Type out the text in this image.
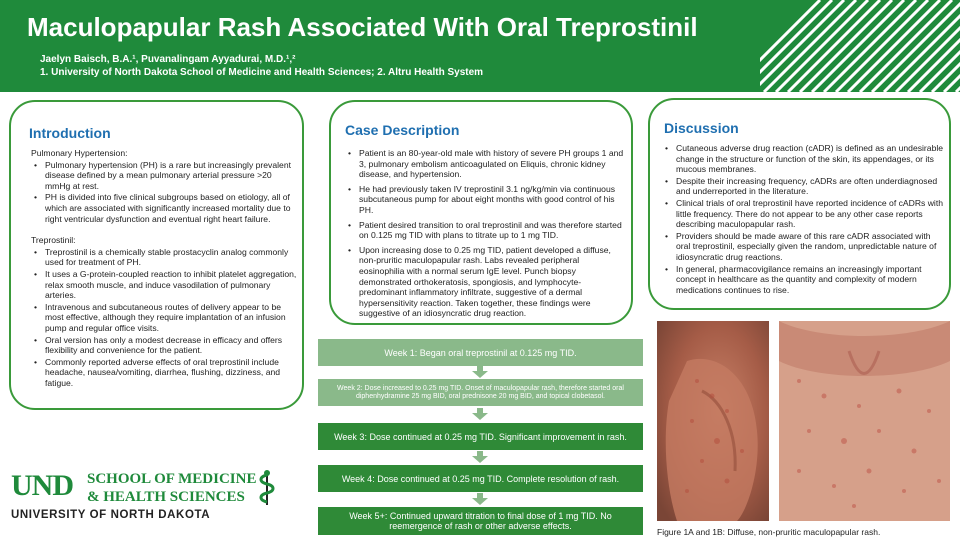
Maculopapular Rash Associated With Oral Treprostinil
Jaelyn Baisch, B.A.¹, Puvanalingam Ayyadurai, M.D.¹,²
1. University of North Dakota School of Medicine and Health Sciences; 2. Altru Health System
Introduction
Pulmonary Hypertension:
• Pulmonary hypertension (PH) is a rare but increasingly prevalent disease defined by a mean pulmonary arterial pressure >20 mmHg at rest.
• PH is divided into five clinical subgroups based on etiology, all of which are associated with significantly increased mortality due to right ventricular dysfunction and eventual right heart failure.
Treprostinil:
• Treprostinil is a chemically stable prostacyclin analog commonly used for treatment of PH.
• It uses a G-protein-coupled reaction to inhibit platelet aggregation, relax smooth muscle, and induce vasodilation of pulmonary arteries.
• Intravenous and subcutaneous routes of delivery appear to be most effective, although they require implantation of an infusion pump and regular office visits.
• Oral version has only a modest decrease in efficacy and offers flexibility and convenience for the patient.
• Commonly reported adverse effects of oral treprostinil include headache, nausea/vomiting, diarrhea, flushing, dizziness, and fatigue.
Case Description
• Patient is an 80-year-old male with history of severe PH groups 1 and 3, pulmonary embolism anticoagulated on Eliquis, chronic kidney disease, and hypertension.
• He had previously taken IV treprostinil 3.1 ng/kg/min via continuous subcutaneous pump for about eight months with good control of his PH.
• Patient desired transition to oral treprostinil and was therefore started on 0.125 mg TID with plans to titrate up to 1 mg TID.
• Upon increasing dose to 0.25 mg TID, patient developed a diffuse, non-pruritic maculopapular rash. Labs revealed peripheral eosinophilia with a normal serum IgE level. Punch biopsy demonstrated orthokeratosis, spongiosis, and lymphocyte-predominant inflammatory infiltrate, suggestive of a dermal hypersensitivity reaction. Taken together, these findings were suggestive of an idiosyncratic drug reaction.
Discussion
• Cutaneous adverse drug reaction (cADR) is defined as an undesirable change in the structure or function of the skin, its appendages, or its mucous membranes.
• Despite their increasing frequency, cADRs are often underdiagnosed and underreported in the literature.
• Clinical trials of oral treprostinil have reported incidence of cADRs with little frequency. There do not appear to be any other case reports describing maculopapular rash.
• Providers should be made aware of this rare cADR associated with oral treprostinil, especially given the random, unpredictable nature of idiosyncratic drug reactions.
• In general, pharmacovigilance remains an increasingly important concept in healthcare as the quantity and complexity of modern medications continues to rise.
Week 1: Began oral treprostinil at 0.125 mg TID.
Week 2: Dose increased to 0.25 mg TID. Onset of maculopapular rash, therefore started oral diphenhydramine 25 mg BID, oral prednisone 20 mg BID, and topical clobetasol.
Week 3: Dose continued at 0.25 mg TID. Significant improvement in rash.
Week 4: Dose continued at 0.25 mg TID. Complete resolution of rash.
Week 5+: Continued upward titration to final dose of 1 mg TID. No reemergence of rash or other adverse effects.
UND SCHOOL OF MEDICINE
& HEALTH SCIENCES
UNIVERSITY OF NORTH DAKOTA
Figure 1A and 1B: Diffuse, non-pruritic maculopapular rash.
